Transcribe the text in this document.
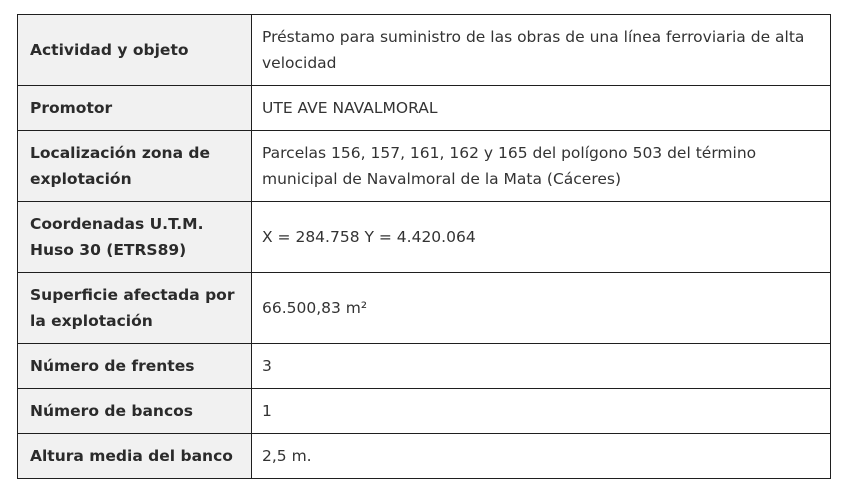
Actividad y objeto	Préstamo para suministro de las obras de una línea ferroviaria de alta velocidad
Promotor	UTE AVE NAVALMORAL
Localización zona de explotación	Parcelas 156, 157, 161, 162 y 165 del polígono 503 del término municipal de Navalmoral de la Mata (Cáceres)
Coordenadas U.T.M. Huso 30 (ETRS89)	X = 284.758 Y = 4.420.064
Superficie afectada por la explotación	66.500,83 m²
Número de frentes	3
Número de bancos	1
Altura media del banco	2,5 m.
